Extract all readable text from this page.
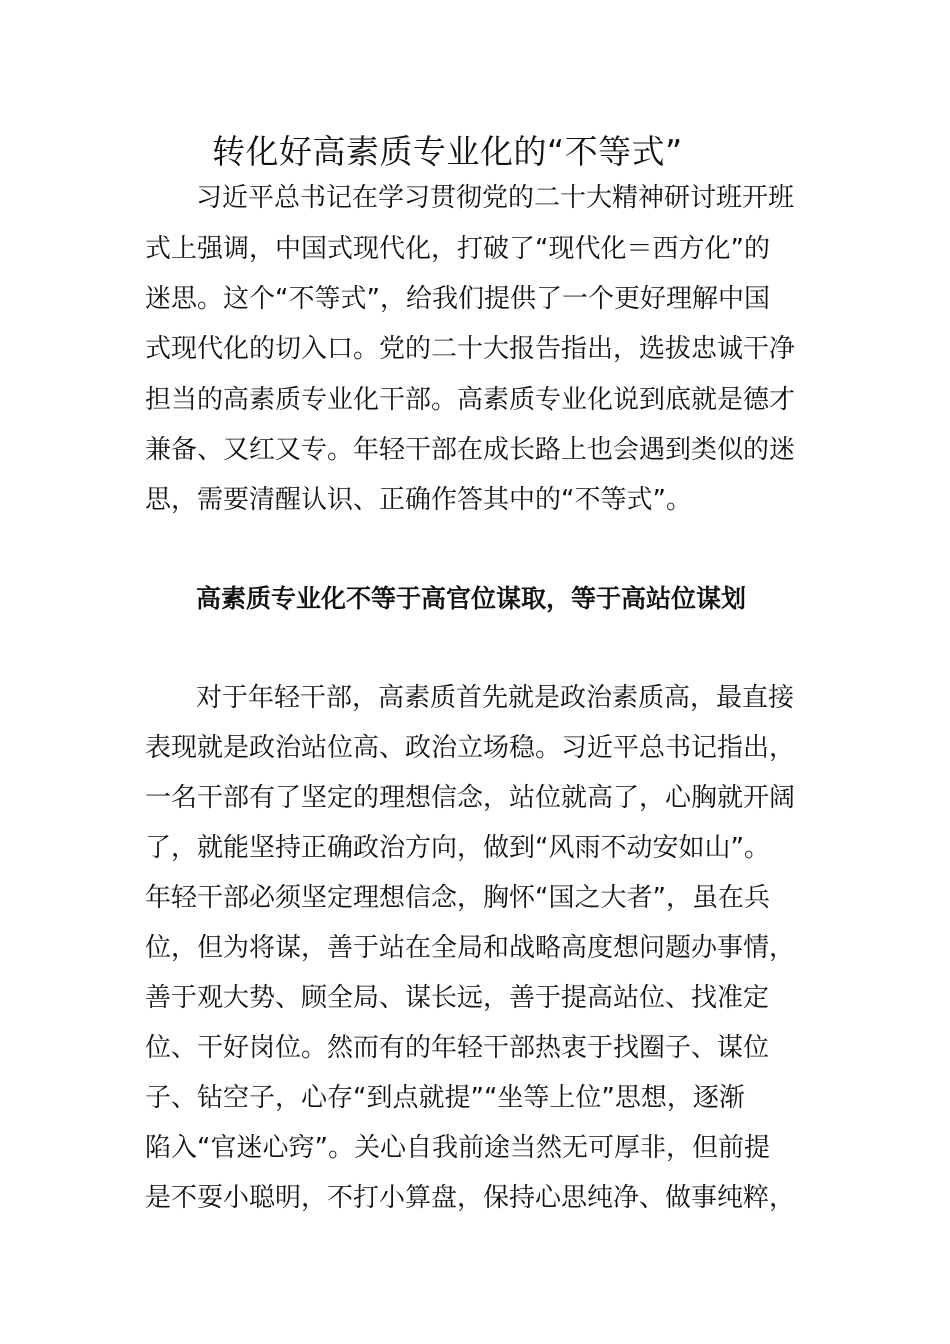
转化好高素质专业化的“不等式”

习近平总书记在学习贯彻党的二十大精神研讨班开班

式上强调，中国式现代化，打破了“现代化＝西方化”的

迷思。这个“不等式”，给我们提供了一个更好理解中国

式现代化的切入口。党的二十大报告指出，选拔忠诚干净

担当的高素质专业化干部。高素质专业化说到底就是德才

兼备、又红又专。年轻干部在成长路上也会遇到类似的迷

思，需要清醒认识、正确作答其中的“不等式”。

高素质专业化不等于高官位谋取，等于高站位谋划

对于年轻干部，高素质首先就是政治素质高，最直接

表现就是政治站位高、政治立场稳。习近平总书记指出，

一名干部有了坚定的理想信念，站位就高了，心胸就开阔

了，就能坚持正确政治方向，做到“风雨不动安如山”。

年轻干部必须坚定理想信念，胸怀“国之大者”，虽在兵

位，但为将谋，善于站在全局和战略高度想问题办事情，

善于观大势、顾全局、谋长远，善于提高站位、找准定

位、干好岗位。然而有的年轻干部热衷于找圈子、谋位

子、钻空子，心存“到点就提”“坐等上位”思想，逐渐

陷入“官迷心窍”。关心自我前途当然无可厚非，但前提

是不耍小聪明，不打小算盘，保持心思纯净、做事纯粹，
